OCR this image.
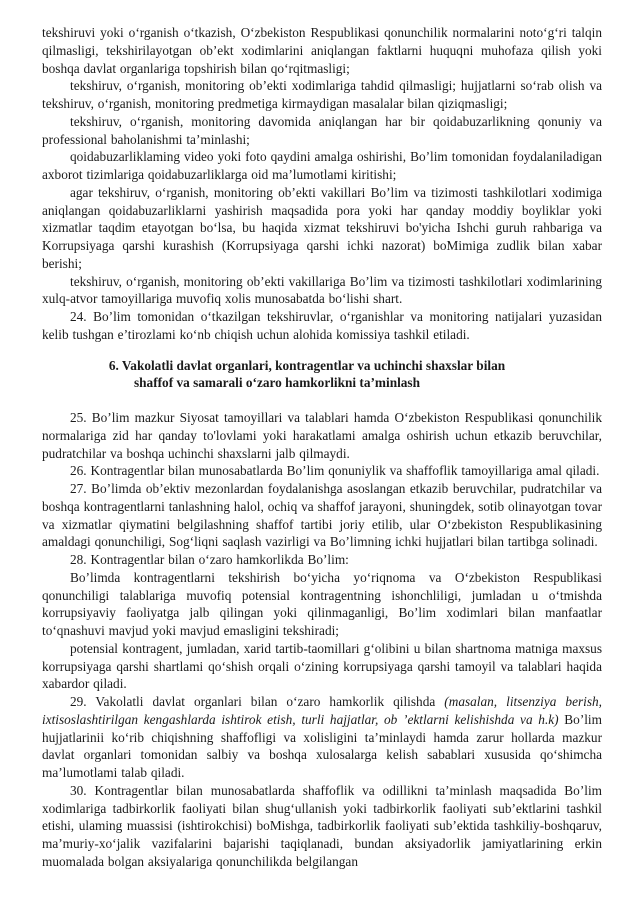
tekshiruvi yoki o‘rganish o‘tkazish, O‘zbekiston Respublikasi qonunchilik normalarini noto‘g‘ri talqin qilmasligi, tekshirilayotgan ob’ekt xodimlarini aniqlangan faktlarni huquqni muhofaza qilish yoki boshqa davlat organlariga topshirish bilan qo‘rqitmasligi;

tekshiruv, o‘rganish, monitoring ob’ekti xodimlariga tahdid qilmasligi; hujjatlarni so‘rab olish va tekshiruv, o‘rganish, monitoring predmetiga kirmaydigan masalalar bilan qiziqmasligi;

tekshiruv, o‘rganish, monitoring davomida aniqlangan har bir qoidabuzarlikning qonuniy va professional baholanishmi ta’minlashi;

qoidabuzarliklaming video yoki foto qaydini amalga oshirishi, Bo’lim tomonidan foydalaniladigan axborot tizimlariga qoidabuzarliklarga oid ma’lumotlami kiritishi;

agar tekshiruv, o‘rganish, monitoring ob’ekti vakillari Bo’lim va tizimosti tashkilotlari xodimiga aniqlangan qoidabuzarliklarni yashirish maqsadida pora yoki har qanday moddiy boyliklar yoki xizmatlar taqdim etayotgan bo‘lsa, bu haqida xizmat tekshiruvi bo'yicha Ishchi guruh rahbariga va Korrupsiyaga qarshi kurashish (Korrupsiyaga qarshi ichki nazorat) boMimiga zudlik bilan xabar berishi;

tekshiruv, o‘rganish, monitoring ob’ekti vakillariga Bo’lim va tizimosti tashkilotlari xodimlarining xulq-atvor tamoyillariga muvofiq xolis munosabatda bo‘lishi shart.

24. Bo’lim tomonidan o‘tkazilgan tekshiruvlar, o‘rganishlar va monitoring natijalari yuzasidan kelib tushgan e’tirozlami ko‘nb chiqish uchun alohida komissiya tashkil etiladi.

6. Vakolatli davlat organlari, kontragentlar va uchinchi shaxslar bilan
shaffof va samarali o‘zaro hamkorlikni ta’minlash

25. Bo’lim mazkur Siyosat tamoyillari va talablari hamda O‘zbekiston Respublikasi qonunchilik normalariga zid har qanday to'lovlami yoki harakatlami amalga oshirish uchun etkazib beruvchilar, pudratchilar va boshqa uchinchi shaxslarni jalb qilmaydi.

26. Kontragentlar bilan munosabatlarda Bo’lim qonuniylik va shaffoflik tamoyillariga amal qiladi.

27. Bo’limda ob’ektiv mezonlardan foydalanishga asoslangan etkazib beruvchilar, pudratchilar va boshqa kontragentlarni tanlashning halol, ochiq va shaffof jarayoni, shuningdek, sotib olinayotgan tovar va xizmatlar qiymatini belgilashning shaffof tartibi joriy etilib, ular O‘zbekiston Respublikasining amaldagi qonunchiligi, Sog‘liqni saqlash vazirligi va Bo’limning ichki hujjatlari bilan tartibga solinadi.

28. Kontragentlar bilan o‘zaro hamkorlikda Bo’lim:

Bo’limda kontragentlarni tekshirish bo‘yicha yo‘riqnoma va O‘zbekiston Respublikasi qonunchiligi talablariga muvofiq potensial kontragentning ishonchliligi, jumladan u o‘tmishda korrupsiyaviy faoliyatga jalb qilingan yoki qilinmaganligi, Bo’lim xodimlari bilan manfaatlar to‘qnashuvi mavjud yoki mavjud emasligini tekshiradi;

potensial kontragent, jumladan, xarid tartib-taomillari g‘olibini u bilan shartnoma matniga maxsus korrupsiyaga qarshi shartlami qo‘shish orqali o‘zining korrupsiyaga qarshi tamoyil va talablari haqida xabardor qiladi.

29. Vakolatli davlat organlari bilan o‘zaro hamkorlik qilishda (masalan, litsenziya berish, ixtisoslashtirilgan kengashlarda ishtirok etish, turli hajjatlar, ob ’ektlarni kelishishda va h.k) Bo’lim hujjatlarinii ko‘rib chiqishning shaffofligi va xolisligini ta’minlaydi hamda zarur hollarda mazkur davlat organlari tomonidan salbiy va boshqa xulosalarga kelish sabablari xususida qo‘shimcha ma’lumotlami talab qiladi.

30. Kontragentlar bilan munosabatlarda shaffoflik va odillikni ta’minlash maqsadida Bo’lim xodimlariga tadbirkorlik faoliyati bilan shug‘ullanish yoki tadbirkorlik faoliyati sub’ektlarini tashkil etishi, ulaming muassisi (ishtirokchisi) boMishga, tadbirkorlik faoliyati sub’ektida tashkiliy-boshqaruv, ma’muriy-xo‘jalik vazifalarini bajarishi taqiqlanadi, bundan aksiyadorlik jamiyatlarining erkin muomalada bolgan aksiyalariga qonunchilikda belgilangan
